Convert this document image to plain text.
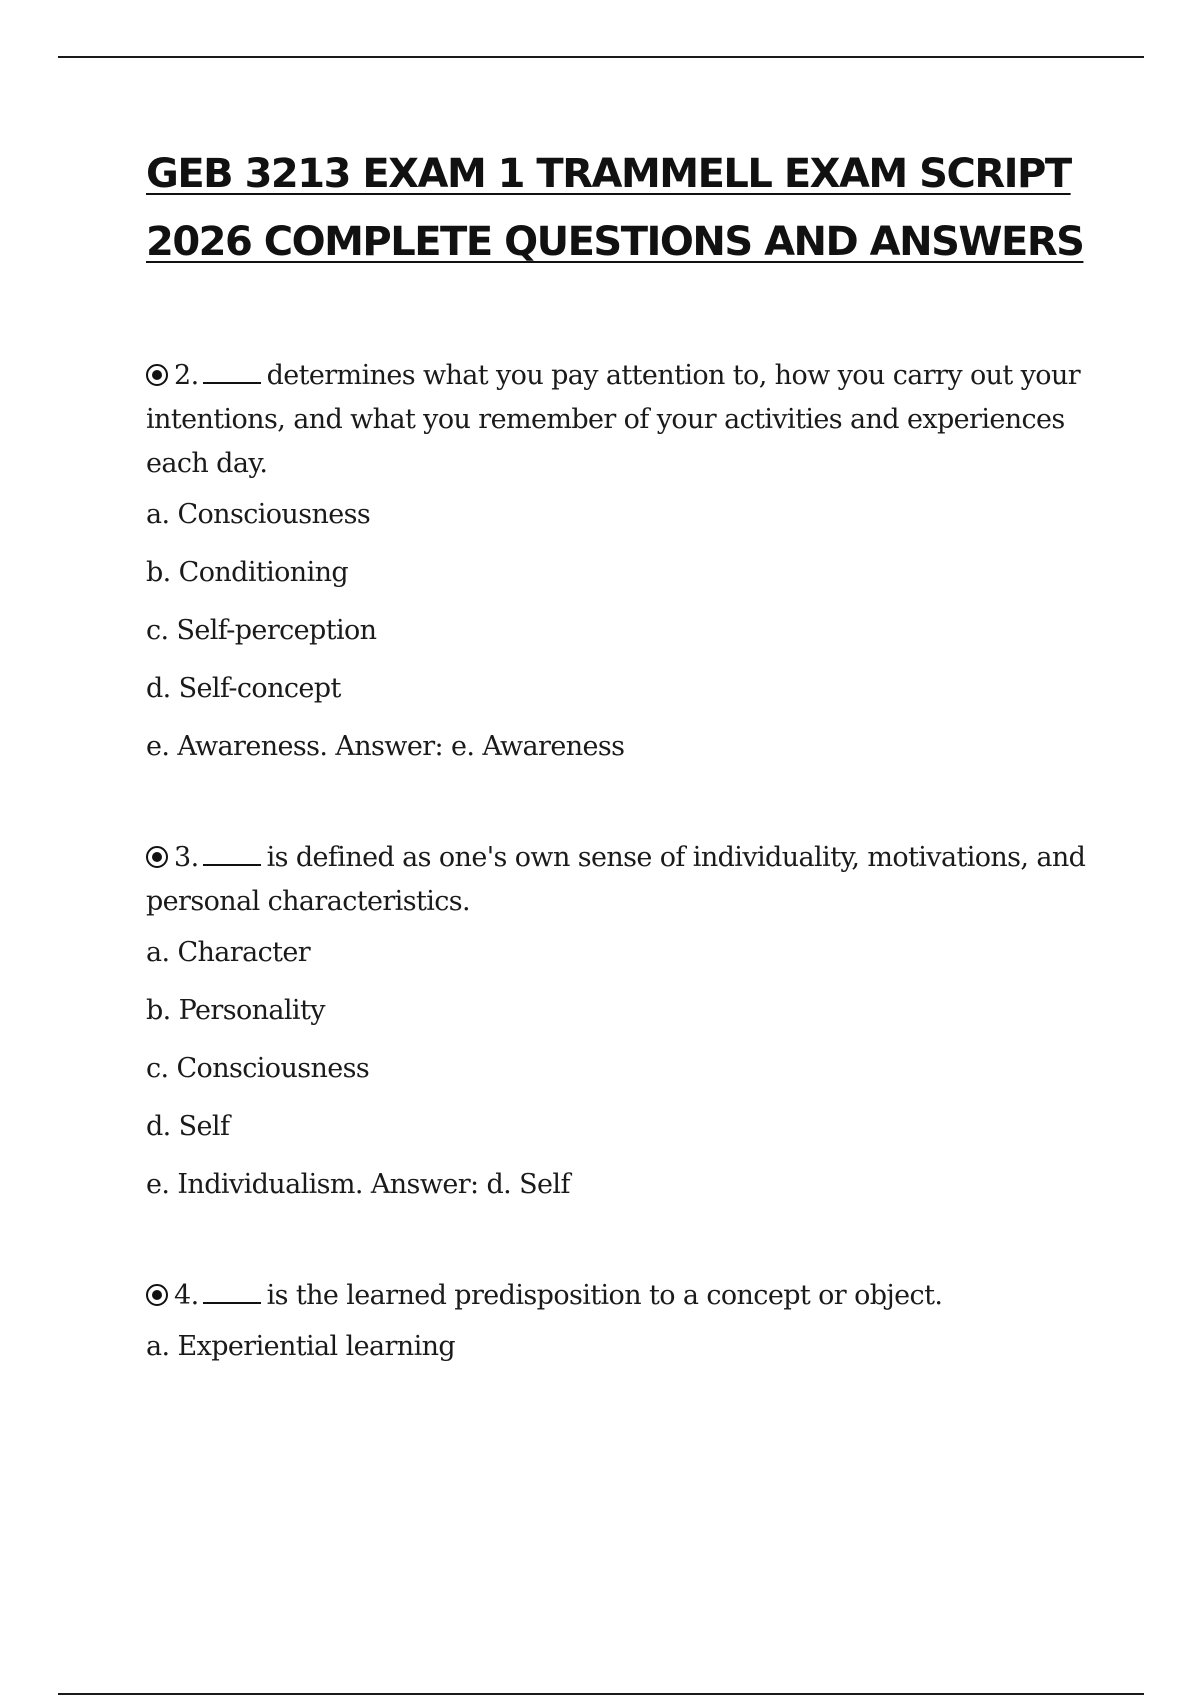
GEB 3213 EXAM 1 TRAMMELL EXAM SCRIPT
2026 COMPLETE QUESTIONS AND ANSWERS

2.	determines what you pay attention to, how you carry out your intentions, and what you remember of your activities and experiences each day.

a. Consciousness

b. Conditioning

c. Self-perception

d. Self-concept

e. Awareness. Answer: e. Awareness

3.	is defined as one's own sense of individuality, motivations, and personal characteristics.

a. Character

b. Personality

c. Consciousness

d. Self

e. Individualism. Answer: d. Self

4.	is the learned predisposition to a concept or object.

a. Experiential learning
